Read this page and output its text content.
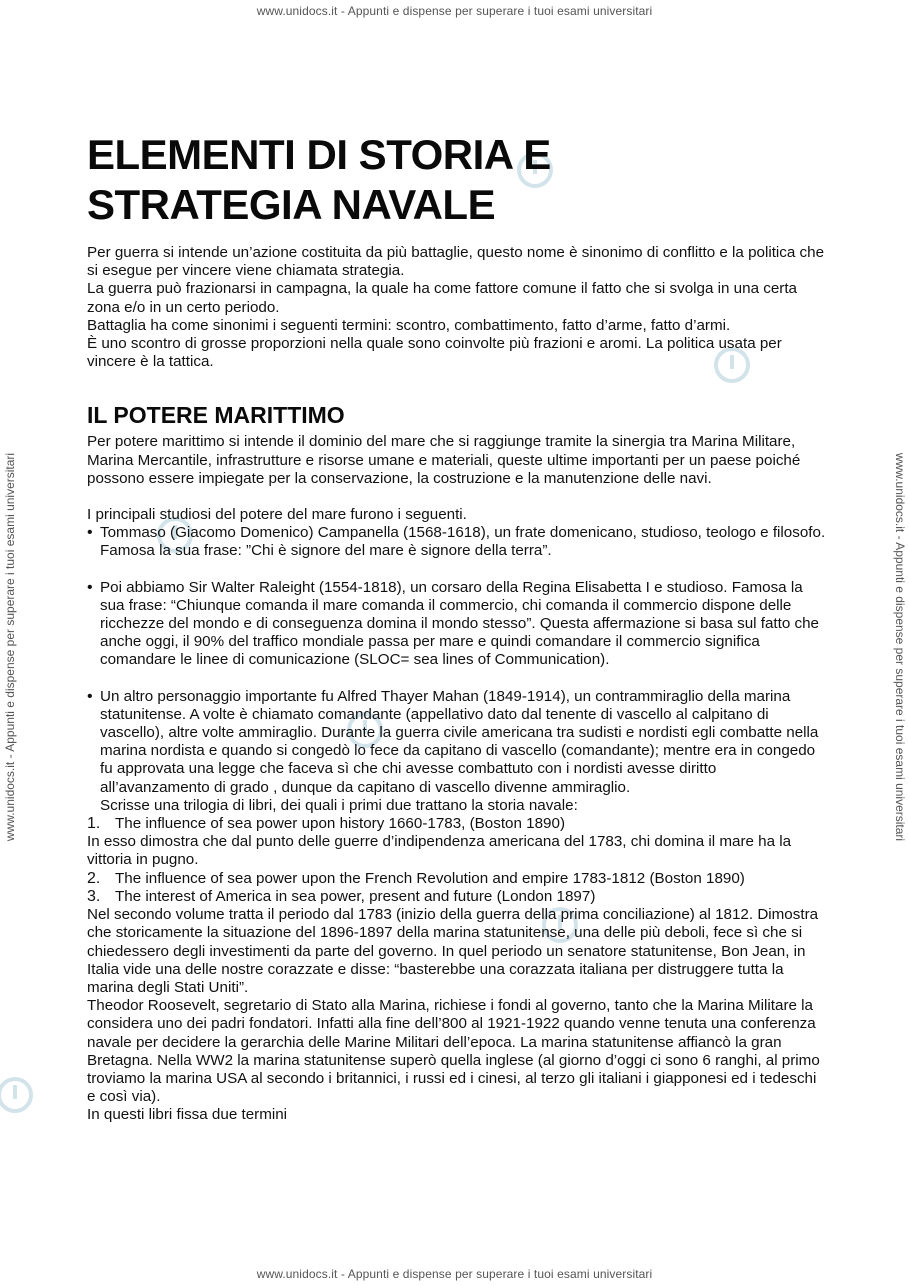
www.unidocs.it - Appunti e dispense per superare i tuoi esami universitari
www.unidocs.it - Appunti e dispense per superare i tuoi esami universitari	www.unidocs.it - Appunti e dispense per superare i tuoi esami universitari
www.unidocs.it - Appunti e dispense per superare i tuoi esami universitari
ELEMENTI DI STORIA E
STRATEGIA NAVALE

Per guerra si intende un’azione costituita da più battaglie, questo nome è sinonimo di conflitto e la politica che si esegue per vincere viene chiamata strategia.

La guerra può frazionarsi in campagna, la quale ha come fattore comune il fatto che si svolga in una certa zona e/o in un certo periodo.

Battaglia ha come sinonimi i seguenti termini: scontro, combattimento, fatto d’arme, fatto d’armi.

È uno scontro di grosse proporzioni nella quale sono coinvolte più frazioni e aromi. La politica usata per vincere è la tattica.

IL POTERE MARITTIMO

Per potere marittimo si intende il dominio del mare che si raggiunge tramite la sinergia tra Marina Militare, Marina Mercantile, infrastrutture e risorse umane e materiali, queste ultime importanti per un paese poiché possono essere impiegate per la conservazione, la costruzione e la manutenzione delle navi.

I principali studiosi del potere del mare furono i seguenti.

• Tommaso (Giacomo Domenico) Campanella (1568-1618), un frate domenicano, studioso, teologo e filosofo. Famosa la sua frase: ”Chi è signore del mare è signore della terra”.

• Poi abbiamo Sir Walter Raleight (1554-1818), un corsaro della Regina Elisabetta I e studioso. Famosa la sua frase: “Chiunque comanda il mare comanda il commercio, chi comanda il commercio dispone delle ricchezze del mondo e di conseguenza domina il mondo stesso”. Questa affermazione si basa sul fatto che anche oggi, il 90% del traffico mondiale passa per mare e quindi comandare il commercio significa comandare le linee di comunicazione (SLOC= sea lines of Communication).

• Un altro personaggio importante fu Alfred Thayer Mahan (1849-1914), un contrammiraglio della marina statunitense. A volte è chiamato comandante (appellativo dato dal tenente di vascello al calpitano di vascello), altre volte ammiraglio. Durante la guerra civile americana tra sudisti e nordisti egli combatte nella marina nordista e quando si congedò lo fece da capitano di vascello (comandante); mentre era in congedo fu approvata una legge che faceva sì che chi avesse combattuto con i nordisti avesse diritto all’avanzamento di grado , dunque da capitano di vascello divenne ammiraglio.

Scrisse una trilogia di libri, dei quali i primi due trattano la storia navale:

1. The influence of sea power upon history 1660-1783, (Boston 1890)

In esso dimostra che dal punto delle guerre d’indipendenza americana del 1783, chi domina il mare ha la vittoria in pugno.

2. The influence of sea power upon the French Revolution and empire 1783-1812 (Boston 1890)

3. The interest of America in sea power, present and future (London 1897)

Nel secondo volume tratta il periodo dal 1783 (inizio della guerra della prima conciliazione) al 1812. Dimostra che storicamente la situazione del 1896-1897 della marina statunitense, una delle più deboli, fece sì che si chiedessero degli investimenti da parte del governo. In quel periodo un senatore statunitense, Bon Jean, in Italia vide una delle nostre corazzate e disse: “basterebbe una corazzata italiana per distruggere tutta la marina degli Stati Uniti”.

Theodor Roosevelt, segretario di Stato alla Marina, richiese i fondi al governo, tanto che la Marina Militare la considera uno dei padri fondatori. Infatti alla fine dell’800 al 1921-1922 quando venne tenuta una conferenza navale per decidere la gerarchia delle Marine Militari dell’epoca. La marina statunitense affiancò la gran Bretagna. Nella WW2 la marina statunitense superò quella inglese (al giorno d’oggi ci sono 6 ranghi, al primo troviamo la marina USA al secondo i britannici, i russi ed i cinesi, al terzo gli italiani i giapponesi ed i tedeschi e così via).

In questi libri fissa due termini
